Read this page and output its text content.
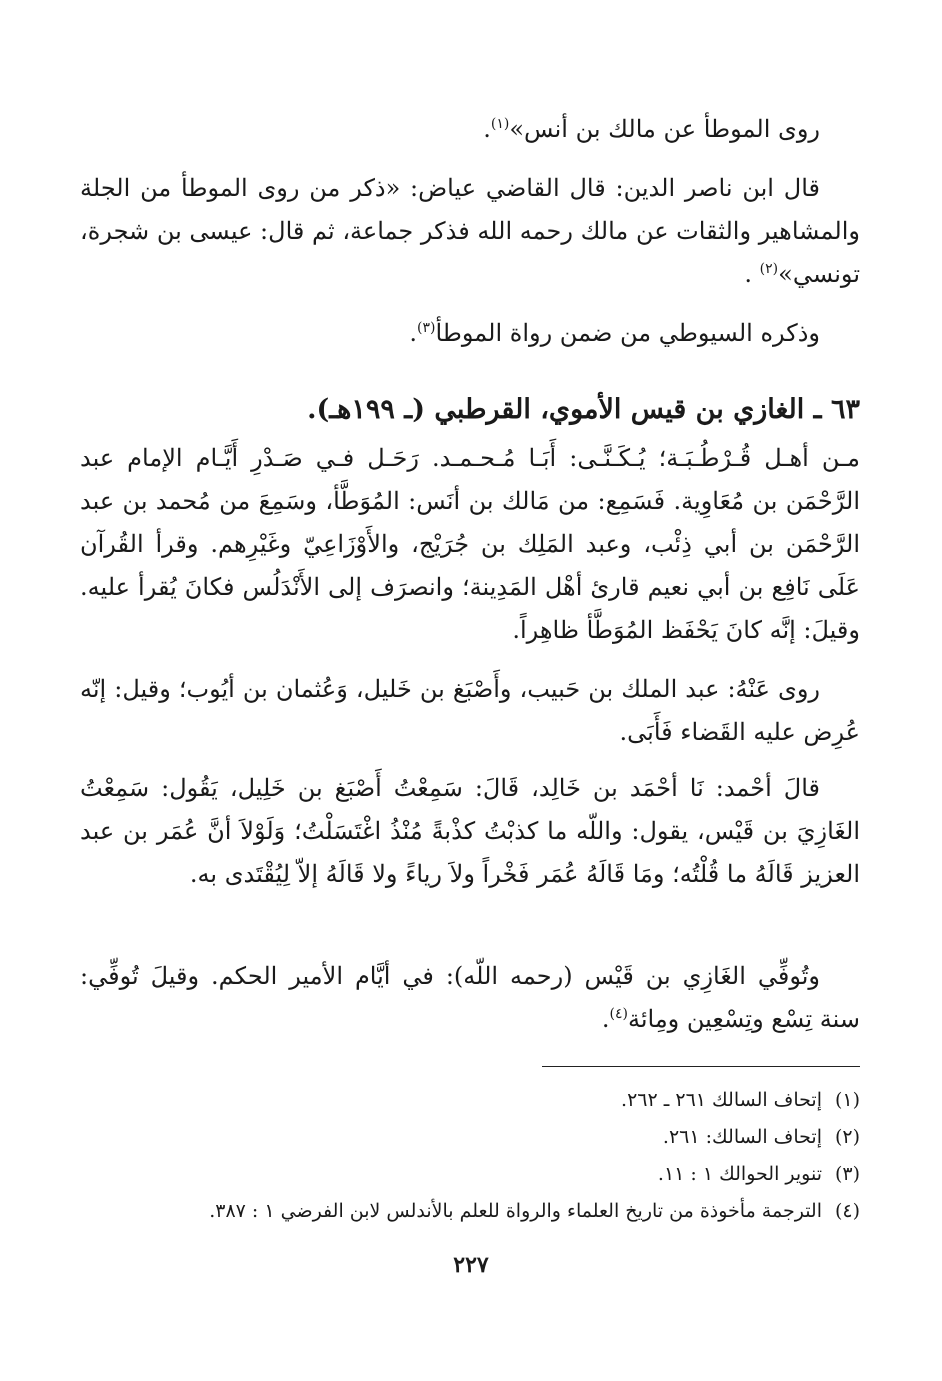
روى الموطأ عن مالك بن أنس»$^{(١)}$.

قال ابن ناصر الدين: قال القاضي عياض: «ذكر من روى الموطأ من الجلة والمشاهير والثقات عن مالك رحمه الله فذكر جماعة، ثم قال: عيسى بن شجرة، تونسي»$^{(٢)}$ .

وذكره السيوطي من ضمن رواة الموطأ$^{(٣)}$.

٦٣ ـ الغازي بن قيس الأموي، القرطبي (ـ ١٩٩هـ).

مـن أهـل قُـرْطُـبَـة؛ يُـكَـنَّـى: أَبَـا مُـحـمـد. رَحَـل فـي صَـدْرِ أَيَّـام الإمام عبد الرَّحْمَن بن مُعَاوِية. فَسَمِع: من مَالك بن أنَس: المُوَطَّأ، وسَمِعَ من مُحمد بن عبد الرَّحْمَن بن أبي ذِئْب، وعبد المَلِك بن جُرَيْج، والأَوْزَاعِيّ وغَيْرِهم. وقرأ القُرآن عَلَى نَافِع بن أبي نعيم قارئ أهْل المَدِينة؛ وانصرَف إلى الأَنْدَلُس فكانَ يُقرأ عليه. وقيلَ: إنَّه كانَ يَحْفَظ المُوَطَّأ ظاهِراً.

روى عَنْهُ: عبد الملك بن حَبيب، وأَصْبَغ بن خَليل، وَعُثمان بن أيُوب؛ وقيل: إنّه عُرِض عليه القَضاء فَأَبَى.

قالَ أحْمد: نَا أحْمَد بن خَالِد، قَالَ: سَمِعْتُ أَصْبَغ بن خَلِيل، يَقُول: سَمِعْتُ الغَازِيَ بن قَيْس، يقول: واللّه ما كذبْتُ كذْبةً مُنْذُ اغْتَسَلْتُ؛ وَلَوْلاَ أنَّ عُمَر بن عبد العزيز قَالَهُ ما قُلْتُه؛ ومَا قَالَهُ عُمَر فَخْراً ولاَ رياءً ولا قَالَهُ إلاّ لِيُقْتَدى به.

وتُوفِّي الغَازِي بن قَيْس (رحمه اللّه): في أيَّام الأمير الحكم. وقيلَ تُوفِّي: سنة تِسْع وتِسْعِين ومِائة$^{(٤)}$.

(١)
إتحاف السالك ٢٦١ ـ ٢٦٢.
(٢)
إتحاف السالك: ٢٦١.
(٣)
تنوير الحوالك ١ : ١١.
(٤)
الترجمة مأخوذة من تاريخ العلماء والرواة للعلم بالأندلس لابن الفرضي ١ : ٣٨٧.
٢٢٧
